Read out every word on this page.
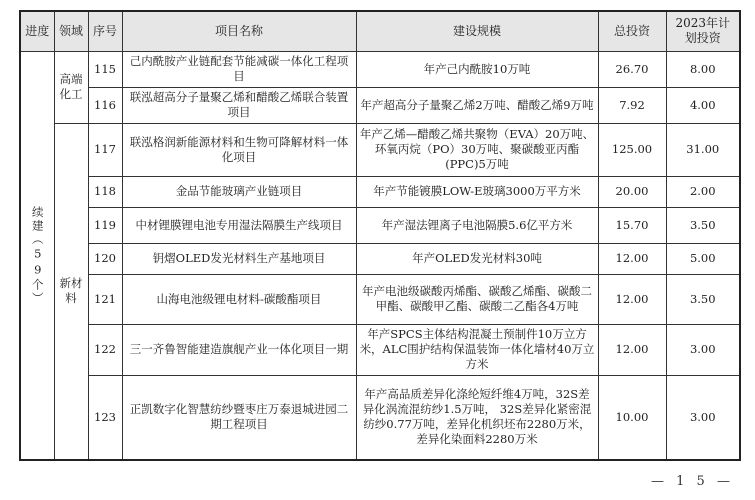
进度	领域	序号	项目名称	建设规模	总投资	2023年计划投资
续建（59个）	高端化工	115	己内酰胺产业链配套节能减碳一体化工程项目	年产己内酰胺10万吨	26.70	8.00
		116	联泓超高分子量聚乙烯和醋酸乙烯联合装置项目	年产超高分子量聚乙烯2万吨、醋酸乙烯9万吨	7.92	4.00
	新材料	117	联泓格润新能源材料和生物可降解材料一体化项目	年产乙烯—醋酸乙烯共聚物（EVA）20万吨、环氧丙烷（PO）30万吨、聚碳酸亚丙酯(PPC)5万吨	125.00	31.00
		118	金品节能玻璃产业链项目	年产节能镀膜LOW-E玻璃3000万平方米	20.00	2.00
		119	中材锂膜锂电池专用湿法隔膜生产线项目	年产湿法锂离子电池隔膜5.6亿平方米	15.70	3.50
		120	钥熠OLED发光材料生产基地项目	年产OLED发光材料30吨	12.00	5.00
		121	山海电池级锂电材料-碳酸酯项目	年产电池级碳酸丙烯酯、碳酸乙烯酯、碳酸二甲酯、碳酸甲乙酯、碳酸二乙酯各4万吨	12.00	3.50
		122	三一齐鲁智能建造旗舰产业一体化项目一期	年产SPCS主体结构混凝土预制件10万立方米，ALC围护结构保温装饰一体化墙材40万立方米	12.00	3.00
		123	正凯数字化智慧纺纱暨枣庄万泰退城进园二期工程项目	年产高品质差异化涤纶短纤维4万吨，32S差异化涡流混纺纱1.5万吨， 32S差异化紧密混纺纱0.77万吨，差异化机织坯布2280万米，差异化染面料2280万米	10.00	3.00
— 1 5 —
